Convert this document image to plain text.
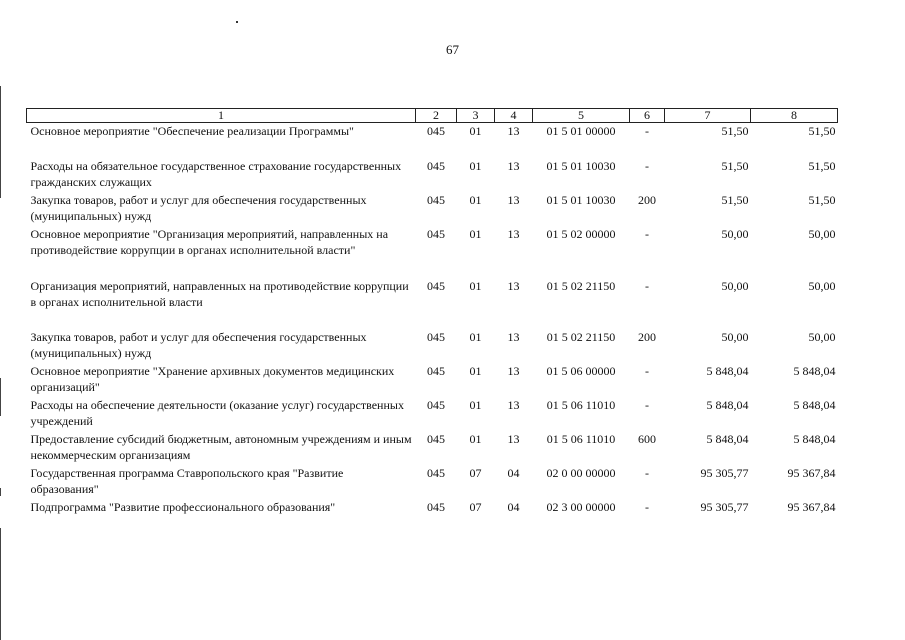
67
1	2	3	4	5	6	7	8
Основное мероприятие "Обеспечение реализации Программы"	045	01	13	01 5 01 00000	-	51,50	51,50
Расходы на обязательное государственное страхование государственных гражданских служащих	045	01	13	01 5 01 10030	-	51,50	51,50
Закупка товаров, работ и услуг для обеспечения государственных (муниципальных) нужд	045	01	13	01 5 01 10030	200	51,50	51,50
Основное мероприятие "Организация мероприятий, направленных на противодействие коррупции в органах исполнительной власти"	045	01	13	01 5 02 00000	-	50,00	50,00
Организация мероприятий, направленных на противодействие коррупции в органах исполнительной власти	045	01	13	01 5 02 21150	-	50,00	50,00
Закупка товаров, работ и услуг для обеспечения государственных (муниципальных) нужд	045	01	13	01 5 02 21150	200	50,00	50,00
Основное мероприятие "Хранение архивных документов медицинских организаций"	045	01	13	01 5 06 00000	-	5 848,04	5 848,04
Расходы на обеспечение деятельности (оказание услуг) государственных учреждений	045	01	13	01 5 06 11010	-	5 848,04	5 848,04
Предоставление субсидий бюджетным, автономным учреждениям и иным некоммерческим организациям	045	01	13	01 5 06 11010	600	5 848,04	5 848,04
Государственная программа Ставропольского края "Развитие образования"	045	07	04	02 0 00 00000	-	95 305,77	95 367,84
Подпрограмма "Развитие профессионального образования"	045	07	04	02 3 00 00000	-	95 305,77	95 367,84
